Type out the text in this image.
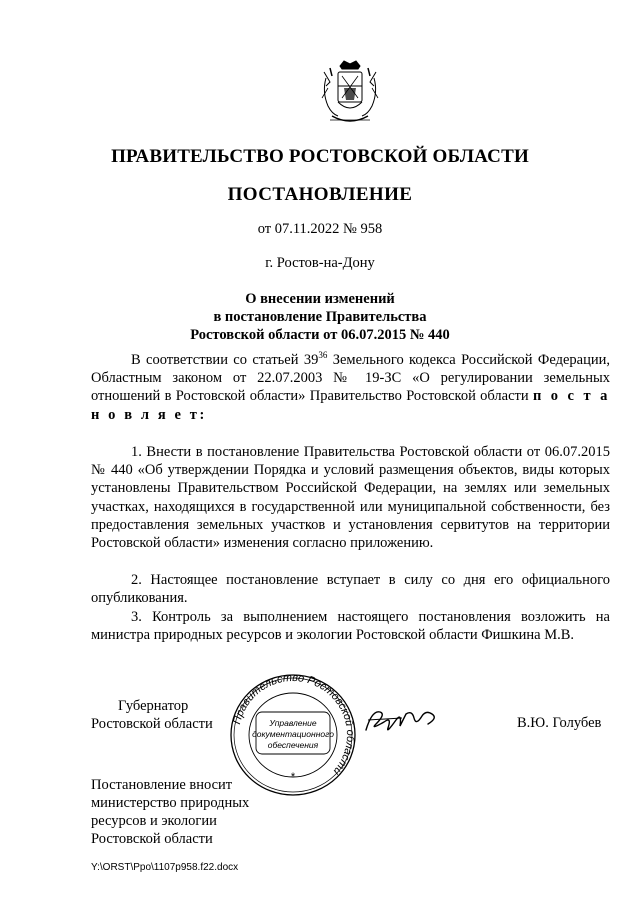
ПРАВИТЕЛЬСТВО РОСТОВСКОЙ ОБЛАСТИ
ПОСТАНОВЛЕНИЕ
от 07.11.2022 № 958
г. Ростов-на-Дону
О внесении изменений
в постановление Правительства
Ростовской области от 06.07.2015 № 440

В соответствии со статьей $39^{36}$ Земельного кодекса Российской Федерации, Областным законом от 22.07.2003 № 19-ЗС «О регулировании земельных отношений в Ростовской области» Правительство Ростовской области п о с т а н о в л я е т:

1. Внести в постановление Правительства Ростовской области от 06.07.2015 № 440 «Об утверждении Порядка и условий размещения объектов, виды которых установлены Правительством Российской Федерации, на землях или земельных участках, находящихся в государственной или муниципальной собственности, без предоставления земельных участков и установления сервитутов на территории Ростовской области» изменения согласно приложению.

2. Настоящее постановление вступает в силу со дня его официального опубликования.

3. Контроль за выполнением настоящего постановления возложить на министра природных ресурсов и экологии Ростовской области Фишкина М.В.

Губернатор
Ростовской области	Правительство Ростовской области
Управление
документационного
обеспечения
*
В.Ю. Голубев
Постановление вносит
министерство природных
ресурсов и экологии
Ростовской области
Y:\ORST\Ppo\1107p958.f22.docx
